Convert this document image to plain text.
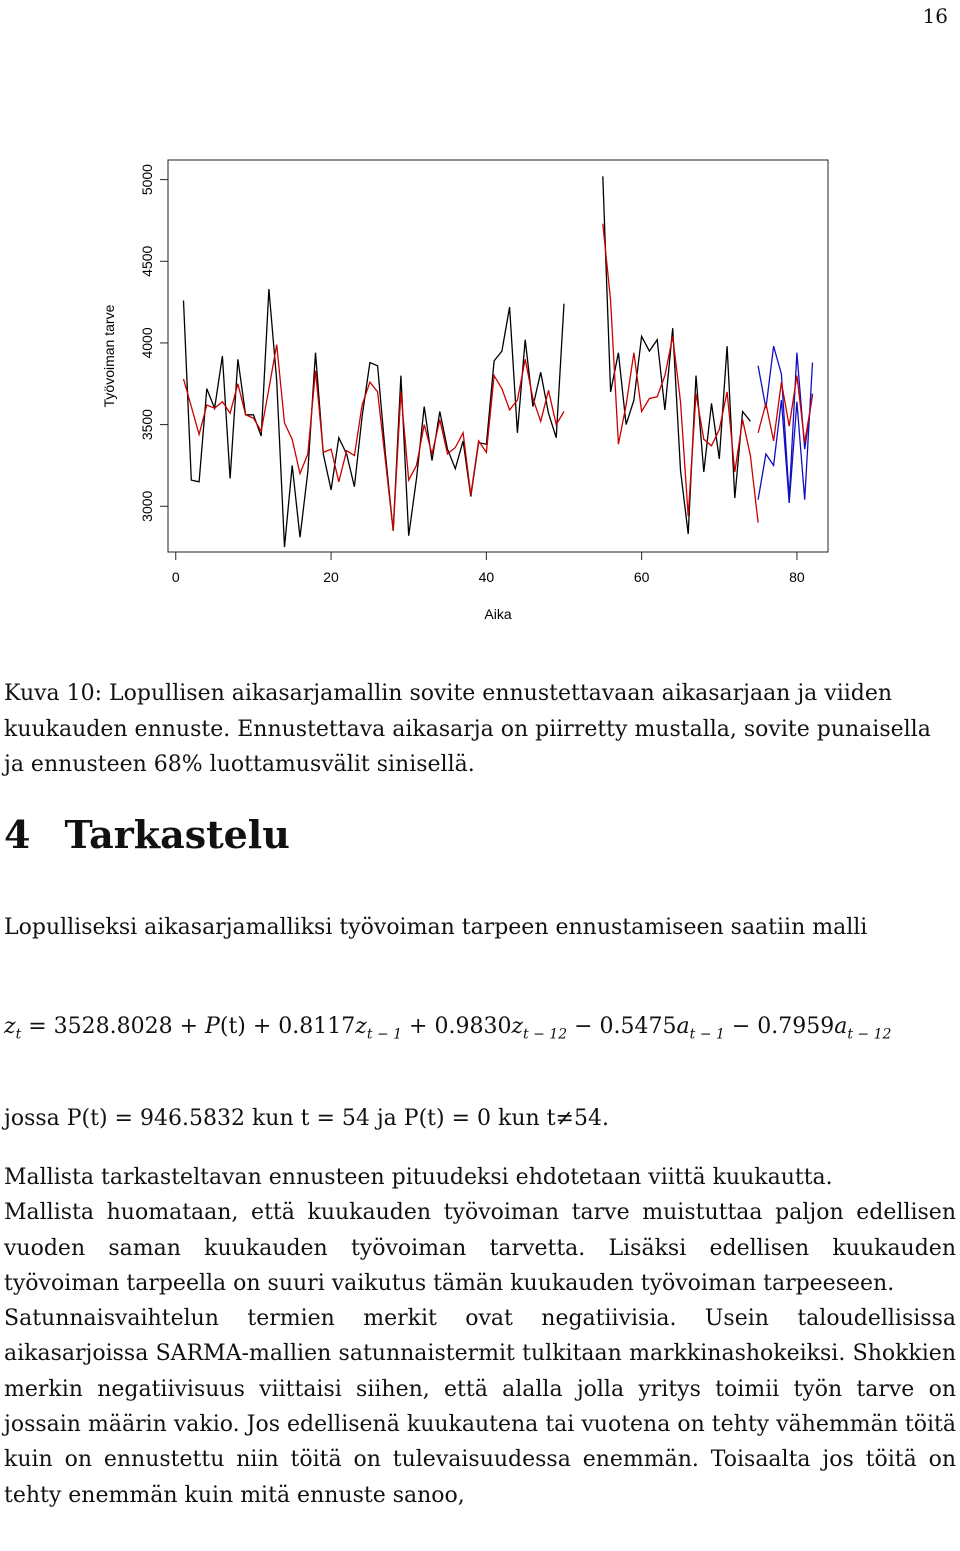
16
0	20	40	60	80
3000
3500
4000
4500
5000
Aika
Työvoiman tarve
Kuva 10: Lopullisen aikasarjamallin sovite ennustettavaan aikasarjaan ja viiden kuukauden ennuste. Ennustettava aikasarja on piirretty mustalla, sovite punaisella ja ennusteen 68% luottamusvälit sinisellä.
4 Tarkastelu

Lopulliseksi aikasarjamalliksi työvoiman tarpeen ennustamiseen saatiin malli

$z_t = 3528.8028 + P(t) + 0.8117z_{t - 1} + 0.9830z_{t - 12} - 0.5475a_{t - 1} - 0.7959a_{t - 12}$
jossa P(t) = 946.5832 kun t = 54 ja P(t) = 0 kun t≠54.

Mallista tarkasteltavan ennusteen pituudeksi ehdotetaan viittä kuukautta.

Mallista huomataan, että kuukauden työvoiman tarve muistuttaa paljon edellisen vuoden saman kuukauden työvoiman tarvetta. Lisäksi edellisen kuukauden työvoiman tarpeella on suuri vaikutus tämän kuukauden työvoiman tarpeeseen.

Satunnaisvaihtelun termien merkit ovat negatiivisia. Usein taloudellisissa aikasarjoissa SARMA-mallien satunnaistermit tulkitaan markkinashokeiksi. Shokkien merkin negatiivisuus viittaisi siihen, että alalla jolla yritys toimii työn tarve on jossain määrin vakio. Jos edellisenä kuukautena tai vuotena on tehty vähemmän töitä kuin on ennustettu niin töitä on tulevaisuudessa enemmän. Toisaalta jos töitä on tehty enemmän kuin mitä ennuste sanoo,
